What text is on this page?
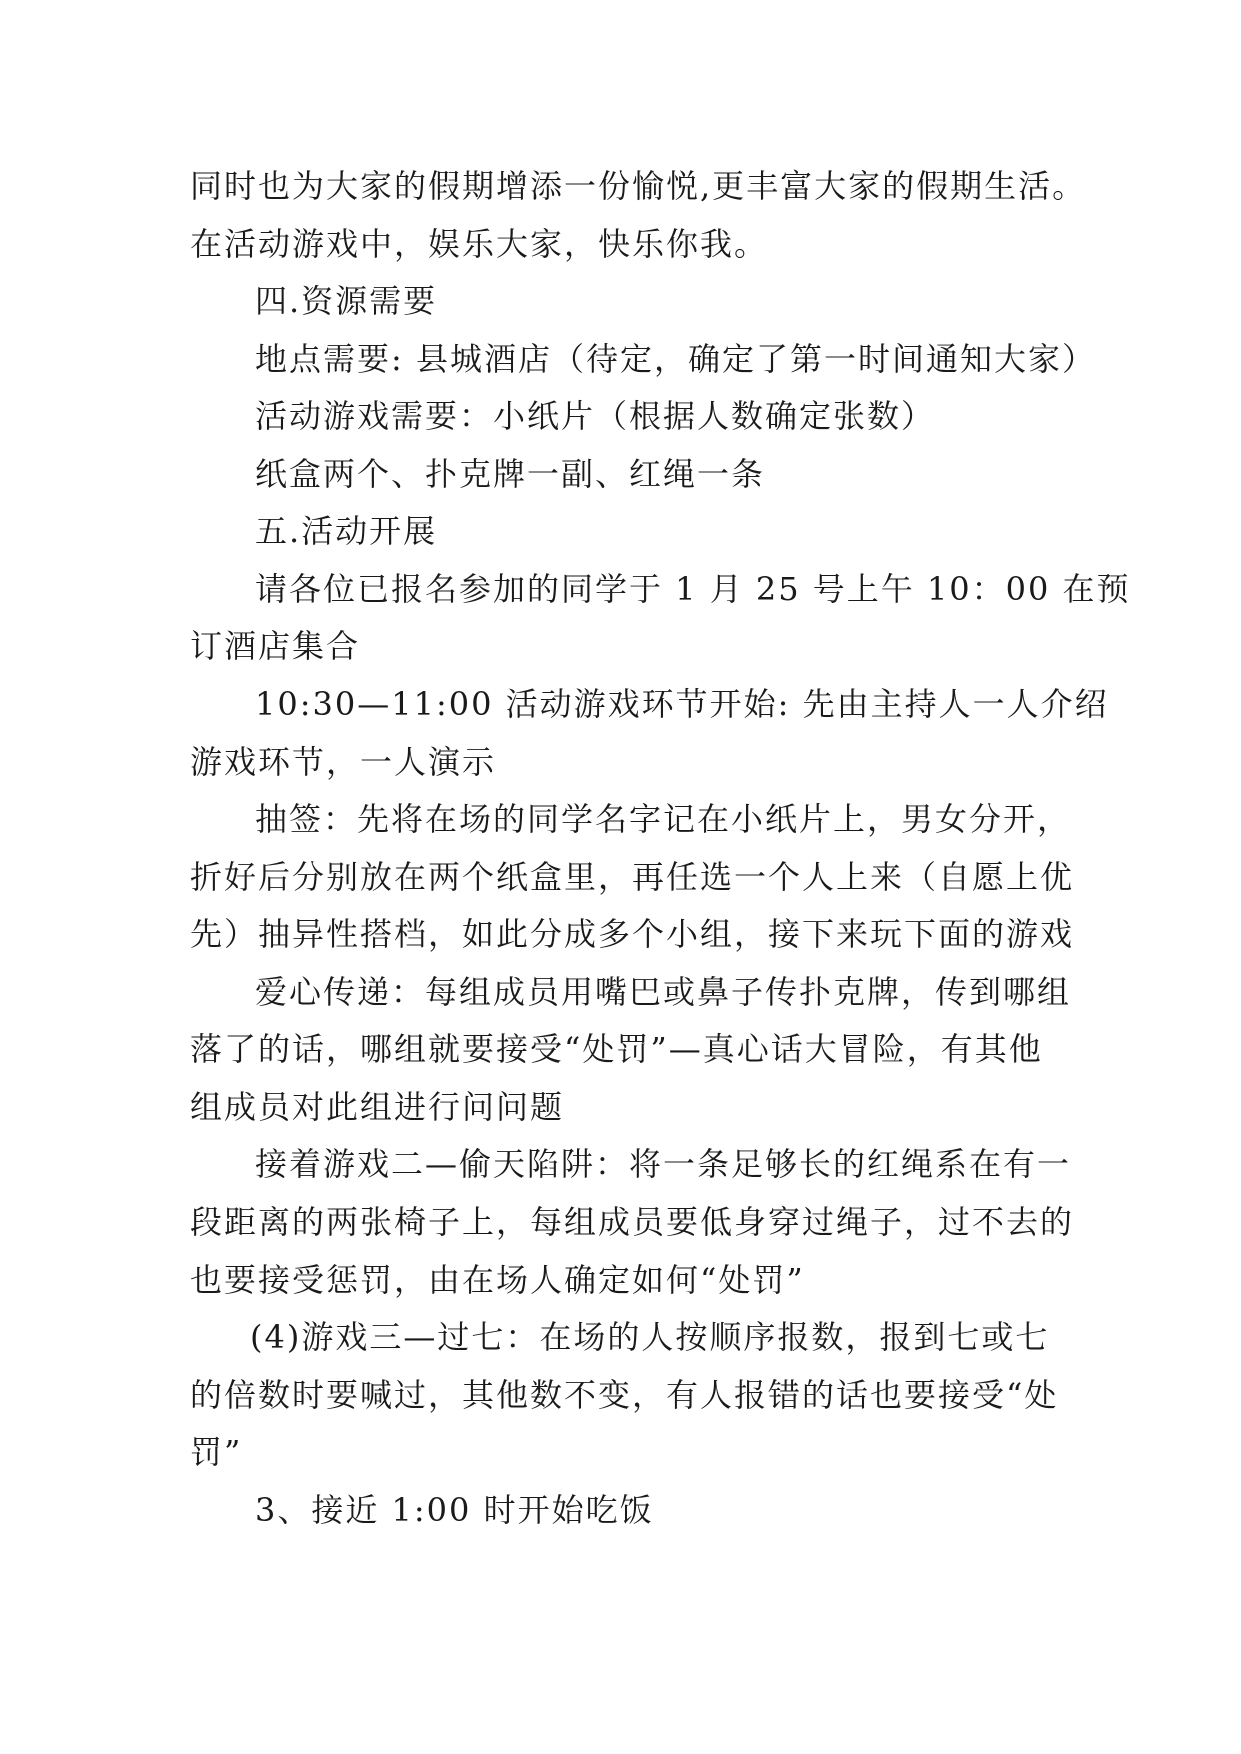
同时也为大家的假期增添一份愉悦,更丰富大家的假期生活。
在活动游戏中，娱乐大家，快乐你我。
四.资源需要
地点需要: 县城酒店（待定，确定了第一时间通知大家）
活动游戏需要：小纸片（根据人数确定张数）
纸盒两个、扑克牌一副、红绳一条
五.活动开展
请各位已报名参加的同学于 1 月 25 号上午 10：00 在预
订酒店集合
10:30—11:00 活动游戏环节开始: 先由主持人一人介绍
游戏环节，一人演示
抽签：先将在场的同学名字记在小纸片上，男女分开，
折好后分别放在两个纸盒里，再任选一个人上来（自愿上优
先）抽异性搭档，如此分成多个小组，接下来玩下面的游戏
爱心传递：每组成员用嘴巴或鼻子传扑克牌，传到哪组
落了的话，哪组就要接受“处罚”—真心话大冒险，有其他
组成员对此组进行问问题
接着游戏二—偷天陷阱：将一条足够长的红绳系在有一
段距离的两张椅子上，每组成员要低身穿过绳子，过不去的
也要接受惩罚，由在场人确定如何“处罚”
(4)游戏三—过七：在场的人按顺序报数，报到七或七
的倍数时要喊过，其他数不变，有人报错的话也要接受“处
罚”
3、接近 1:00 时开始吃饭
